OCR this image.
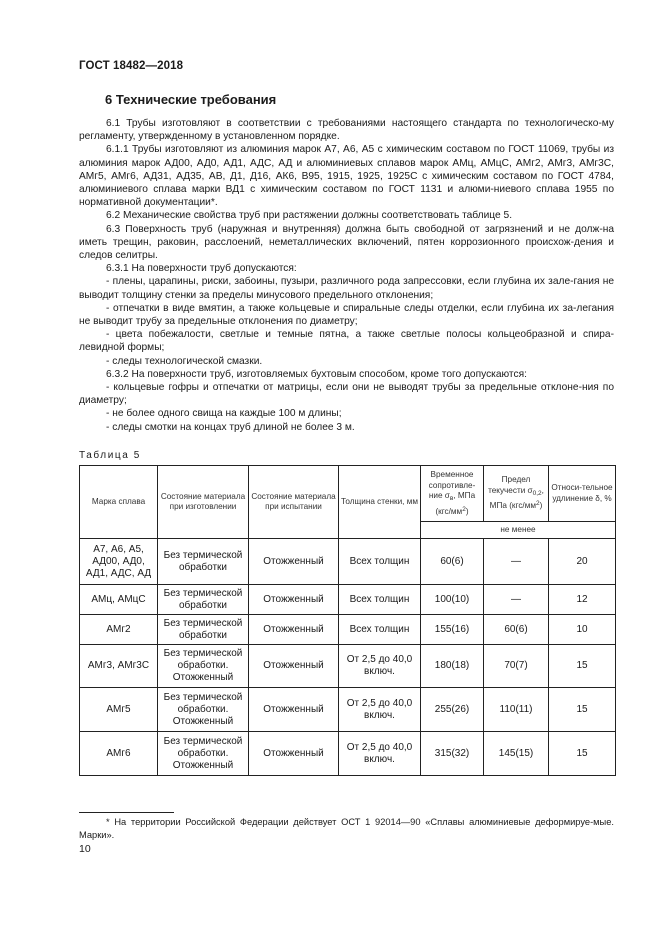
ГОСТ 18482—2018
6 Технические требования

6.1 Трубы изготовляют в соответствии с требованиями настоящего стандарта по технологическо-му регламенту, утвержденному в установленном порядке.

6.1.1 Трубы изготовляют из алюминия марок А7, А6, А5 с химическим составом по ГОСТ 11069, трубы из алюминия марок АД00, АД0, АД1, АДС, АД и алюминиевых сплавов марок АМц, АМцС, АМг2, АМг3, АМг3С, АМг5, АМг6, АД31, АД35, АВ, Д1, Д16, АК6, В95, 1915, 1925, 1925С с химическим составом по ГОСТ 4784, алюминиевого сплава марки ВД1 с химическим составом по ГОСТ 1131 и алюми-ниевого сплава 1955 по нормативной документации*.

6.2 Механические свойства труб при растяжении должны соответствовать таблице 5.

6.3 Поверхность труб (наружная и внутренняя) должна быть свободной от загрязнений и не долж-на иметь трещин, раковин, расслоений, неметаллических включений, пятен коррозионного происхож-дения и следов селитры.

6.3.1 На поверхности труб допускаются:

- плены, царапины, риски, забоины, пузыри, различного рода запрессовки, если глубина их зале-гания не выводит толщину стенки за пределы минусового предельного отклонения;

- отпечатки в виде вмятин, а также кольцевые и спиральные следы отделки, если глубина их за-легания не выводит трубу за предельные отклонения по диаметру;

- цвета побежалости, светлые и темные пятна, а также светлые полосы кольцеобразной и спира-левидной формы;

- следы технологической смазки.

6.3.2 На поверхности труб, изготовляемых бухтовым способом, кроме того допускаются:

- кольцевые гофры и отпечатки от матрицы, если они не выводят трубы за предельные отклоне-ния по диаметру;

- не более одного свища на каждые 100 м длины;

- следы смотки на концах труб длиной не более 3 м.

Таблица 5
Марка сплава	Состояние материала при изготовлении	Состояние материала при испытании	Толщина стенки, мм	Временное сопротивле-ние $\sigma_в$, МПа $(кгс/мм^2)$	Предел текучести $\sigma_{0,2}$, МПа $(кгс/мм^2)$	Относи-тельное удлинение δ, %
				не менее		
А7, А6, А5, АД00, АД0, АД1, АДС, АД	Без термической обработки	Отожженный	Всех толщин	60(6)	—	20
АМц, АМцС	Без термической обработки	Отожженный	Всех толщин	100(10)	—	12
АМг2	Без термической обработки	Отожженный	Всех толщин	155(16)	60(6)	10
АМг3, АМг3С	Без термической обработки. Отожженный	Отожженный	От 2,5 до 40,0 включ.	180(18)	70(7)	15
АМг5	Без термической обработки. Отожженный	Отожженный	От 2,5 до 40,0 включ.	255(26)	110(11)	15
АМг6	Без термической обработки. Отожженный	Отожженный	От 2,5 до 40,0 включ.	315(32)	145(15)	15
* На территории Российской Федерации действует ОСТ 1 92014—90 «Сплавы алюминиевые деформируе-мые. Марки».
10
